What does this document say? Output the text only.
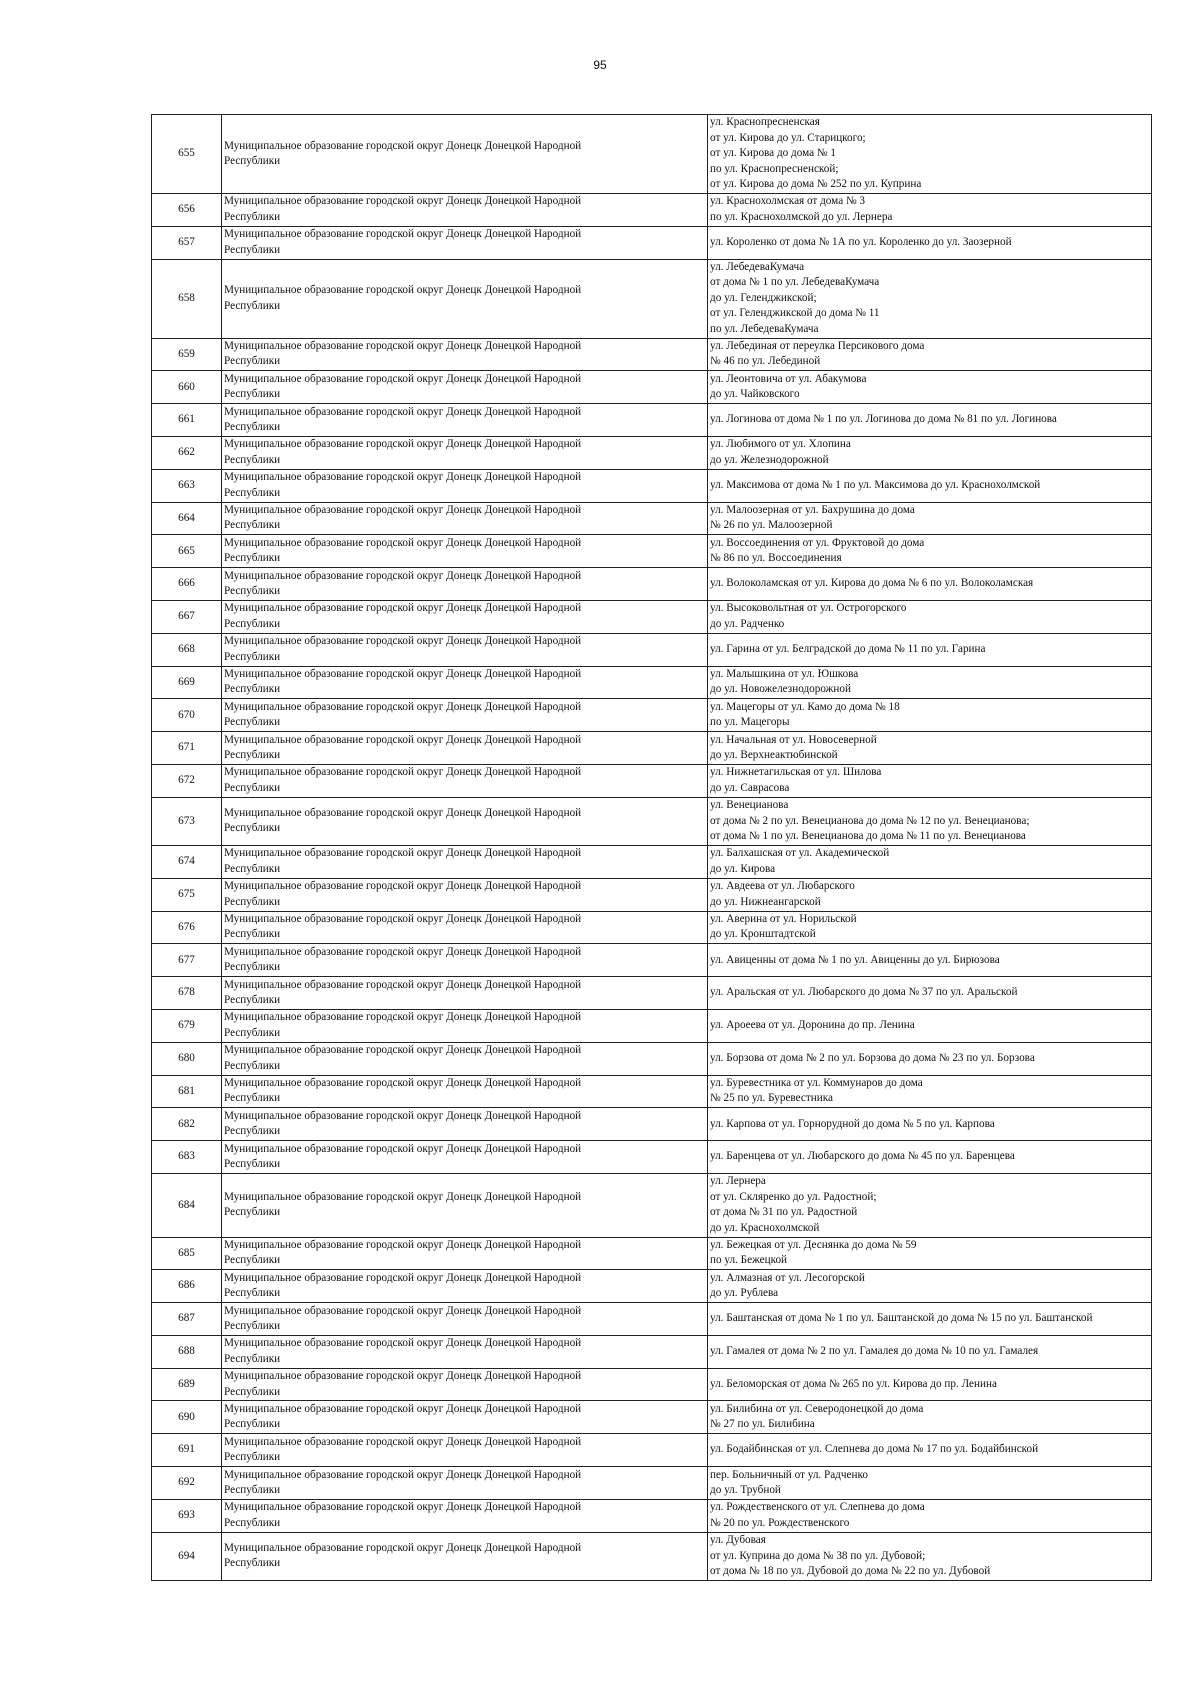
95
655	Муниципальное образование городской округ Донецк Донецкой Народной
Республики	ул. Краснопресненская
от ул. Кирова до ул. Старицкого;
от ул. Кирова до дома № 1
по ул. Краснопресненской;
от ул. Кирова до дома № 252 по ул. Куприна

656	Муниципальное образование городской округ Донецк Донецкой Народной
Республики	ул. Краснохолмская от дома № 3
по ул. Краснохолмской до ул. Лернера

657	Муниципальное образование городской округ Донецк Донецкой Народной
Республики	ул. Короленко от дома № 1А по ул. Короленко до ул. Заозерной

658	Муниципальное образование городской округ Донецк Донецкой Народной
Республики	ул. ЛебедеваКумача
от дома № 1 по ул. ЛебедеваКумача
до ул. Геленджикской;
от ул. Геленджикской до дома № 11
по ул. ЛебедеваКумача

659	Муниципальное образование городской округ Донецк Донецкой Народной
Республики	ул. Лебединая от переулка Персикового дома
№ 46 по ул. Лебединой

660	Муниципальное образование городской округ Донецк Донецкой Народной
Республики	ул. Леонтовича от ул. Абакумова
до ул. Чайковского

661	Муниципальное образование городской округ Донецк Донецкой Народной
Республики	ул. Логинова от дома № 1 по ул. Логинова до дома № 81 по ул. Логинова

662	Муниципальное образование городской округ Донецк Донецкой Народной
Республики	ул. Любимого от ул. Хлопина
до ул. Железнодорожной

663	Муниципальное образование городской округ Донецк Донецкой Народной
Республики	ул. Максимова от дома № 1 по ул. Максимова до ул. Краснохолмской

664	Муниципальное образование городской округ Донецк Донецкой Народной
Республики	ул. Малоозерная от ул. Бахрушина до дома
№ 26 по ул. Малоозерной

665	Муниципальное образование городской округ Донецк Донецкой Народной
Республики	ул. Воссоединения от ул. Фруктовой до дома
№ 86 по ул. Воссоединения

666	Муниципальное образование городской округ Донецк Донецкой Народной
Республики	ул. Волоколамская от ул. Кирова до дома № 6 по ул. Волоколамская

667	Муниципальное образование городской округ Донецк Донецкой Народной
Республики	ул. Высоковольтная от ул. Острогорского
до ул. Радченко

668	Муниципальное образование городской округ Донецк Донецкой Народной
Республики	ул. Гарина от ул. Белградской до дома № 11 по ул. Гарина

669	Муниципальное образование городской округ Донецк Донецкой Народной
Республики	ул. Малышкина от ул. Юшкова
до ул. Новожелезнодорожной

670	Муниципальное образование городской округ Донецк Донецкой Народной
Республики	ул. Мацегоры от ул. Камо до дома № 18
по ул. Мацегоры

671	Муниципальное образование городской округ Донецк Донецкой Народной
Республики	ул. Начальная от ул. Новосеверной
до ул. Верхнеактюбинской

672	Муниципальное образование городской округ Донецк Донецкой Народной
Республики	ул. Нижнетагильская от ул. Шилова
до ул. Саврасова

673	Муниципальное образование городской округ Донецк Донецкой Народной
Республики	ул. Венецианова
от дома № 2 по ул. Венецианова до дома № 12 по ул. Венецианова;
от дома № 1 по ул. Венецианова до дома № 11 по ул. Венецианова

674	Муниципальное образование городской округ Донецк Донецкой Народной
Республики	ул. Балхашская от ул. Академической
до ул. Кирова

675	Муниципальное образование городской округ Донецк Донецкой Народной
Республики	ул. Авдеева от ул. Любарского
до ул. Нижнеангарской

676	Муниципальное образование городской округ Донецк Донецкой Народной
Республики	ул. Аверина от ул. Норильской
до ул. Кронштадтской

677	Муниципальное образование городской округ Донецк Донецкой Народной
Республики	ул. Авиценны от дома № 1 по ул. Авиценны до ул. Бирюзова

678	Муниципальное образование городской округ Донецк Донецкой Народной
Республики	ул. Аральская от ул. Любарского до дома № 37 по ул. Аральской

679	Муниципальное образование городской округ Донецк Донецкой Народной
Республики	ул. Ароеева от ул. Доронина до пр. Ленина

680	Муниципальное образование городской округ Донецк Донецкой Народной
Республики	ул. Борзова от дома № 2 по ул. Борзова до дома № 23 по ул. Борзова

681	Муниципальное образование городской округ Донецк Донецкой Народной
Республики	ул. Буревестника от ул. Коммунаров до дома
№ 25 по ул. Буревестника

682	Муниципальное образование городской округ Донецк Донецкой Народной
Республики	ул. Карпова от ул. Горнорудной до дома № 5 по ул. Карпова

683	Муниципальное образование городской округ Донецк Донецкой Народной
Республики	ул. Баренцева от ул. Любарского до дома № 45 по ул. Баренцева

684	Муниципальное образование городской округ Донецк Донецкой Народной
Республики	ул. Лернера
от ул. Скляренко до ул. Радостной;
от дома № 31 по ул. Радостной
до ул. Краснохолмской

685	Муниципальное образование городской округ Донецк Донецкой Народной
Республики	ул. Бежецкая от ул. Деснянка до дома № 59
по ул. Бежецкой

686	Муниципальное образование городской округ Донецк Донецкой Народной
Республики	ул. Алмазная от ул. Лесогорской
до ул. Рублева

687	Муниципальное образование городской округ Донецк Донецкой Народной
Республики	ул. Баштанская от дома № 1 по ул. Баштанской до дома № 15 по ул. Баштанской

688	Муниципальное образование городской округ Донецк Донецкой Народной
Республики	ул. Гамалея от дома № 2 по ул. Гамалея до дома № 10 по ул. Гамалея

689	Муниципальное образование городской округ Донецк Донецкой Народной
Республики	ул. Беломорская от дома № 265 по ул. Кирова до пр. Ленина

690	Муниципальное образование городской округ Донецк Донецкой Народной
Республики	ул. Билибина от ул. Северодонецкой до дома
№ 27 по ул. Билибина

691	Муниципальное образование городской округ Донецк Донецкой Народной
Республики	ул. Бодайбинская от ул. Слепнева до дома № 17 по ул. Бодайбинской

692	Муниципальное образование городской округ Донецк Донецкой Народной
Республики	пер. Больничный от ул. Радченко
до ул. Трубной

693	Муниципальное образование городской округ Донецк Донецкой Народной
Республики	ул. Рождественского от ул. Слепнева до дома
№ 20 по ул. Рождественского

694	Муниципальное образование городской округ Донецк Донецкой Народной
Республики	ул. Дубовая
от ул. Куприна до дома № 38 по ул. Дубовой;
от дома № 18 по ул. Дубовой до дома № 22 по ул. Дубовой
